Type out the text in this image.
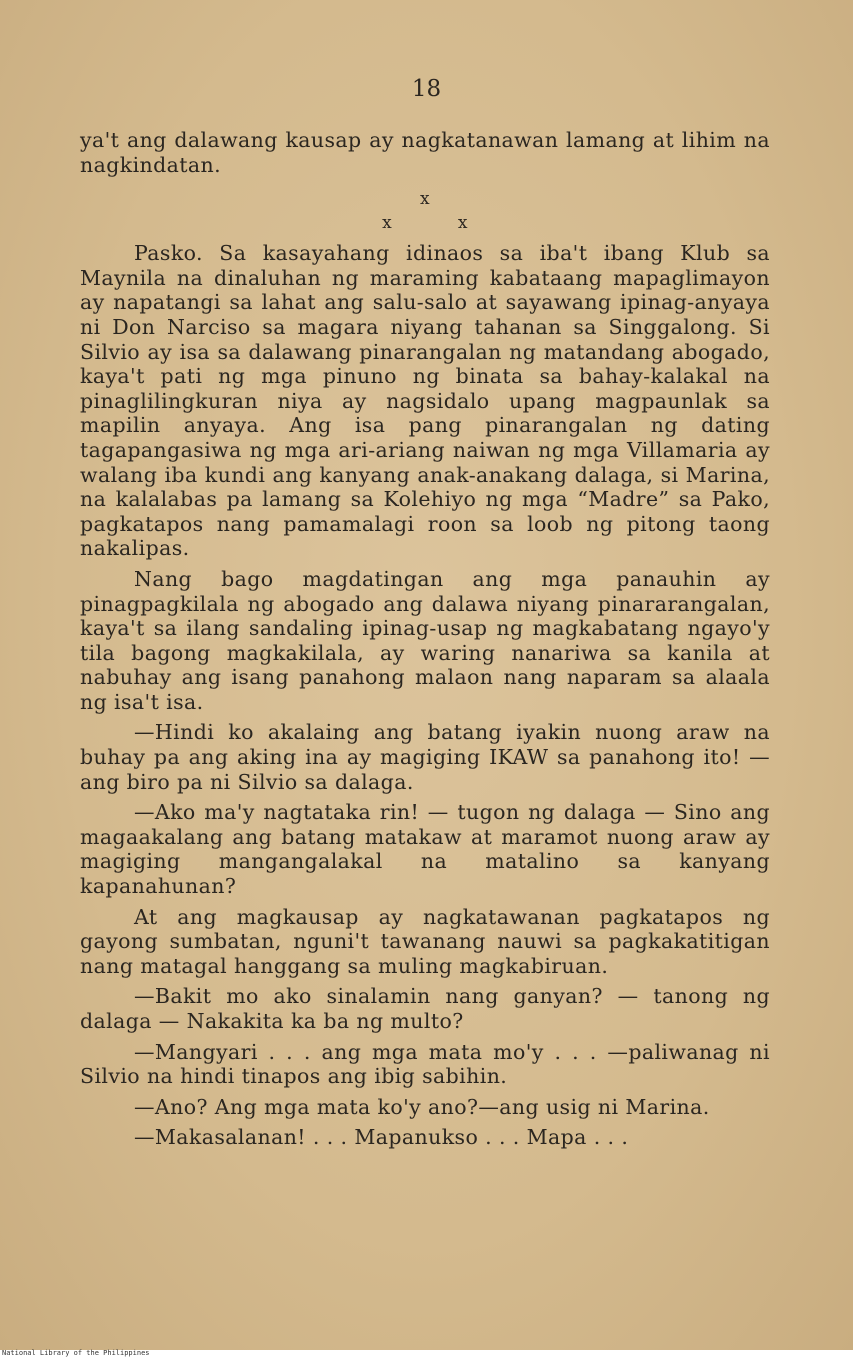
18

ya't ang dalawang kausap ay nagkatanawan lamang at lihim na nagkindatan.

x
x x

Pasko. Sa kasayahang idinaos sa iba't ibang Klub sa Maynila na dinaluhan ng maraming kabataang mapaglimayon ay napatangi sa lahat ang salu-salo at sayawang ipinag-anyaya ni Don Narciso sa magara niyang tahanan sa Singgalong. Si Silvio ay isa sa dalawang pinarangalan ng matandang abogado, kaya't pati ng mga pinuno ng binata sa bahay-kalakal na pinaglilingkuran niya ay nagsidalo upang magpaunlak sa mapilin anyaya. Ang isa pang pinarangalan ng dating tagapangasiwa ng mga ari-ariang naiwan ng mga Villamaria ay walang iba kundi ang kanyang anak-anakang dalaga, si Marina, na kalalabas pa lamang sa Kolehiyo ng mga “Madre” sa Pako, pagkatapos nang pamamalagi roon sa loob ng pitong taong nakalipas.

Nang bago magdatingan ang mga panauhin ay pinagpagkilala ng abogado ang dalawa niyang pinararangalan, kaya't sa ilang sandaling ipinag-usap ng magkabatang ngayo'y tila bagong magkakilala, ay waring nanariwa sa kanila at nabuhay ang isang panahong malaon nang naparam sa alaala ng isa't isa.

—Hindi ko akalaing ang batang iyakin nuong araw na buhay pa ang aking ina ay magiging IKAW sa panahong ito! — ang biro pa ni Silvio sa dalaga.

—Ako ma'y nagtataka rin! — tugon ng dalaga — Sino ang magaakalang ang batang matakaw at maramot nuong araw ay magiging mangangalakal na matalino sa kanyang kapanahunan?

At ang magkausap ay nagkatawanan pagkatapos ng gayong sumbatan, nguni't tawanang nauwi sa pagkakatitigan nang matagal hanggang sa muling magkabiruan.

—Bakit mo ako sinalamin nang ganyan? — tanong ng dalaga — Nakakita ka ba ng multo?

—Mangyari . . . ang mga mata mo'y . . . —paliwanag ni Silvio na hindi tinapos ang ibig sabihin.

—Ano? Ang mga mata ko'y ano?—ang usig ni Marina.

—Makasalanan! . . . Mapanukso . . . Mapa . . .

National Library of the Philippines
